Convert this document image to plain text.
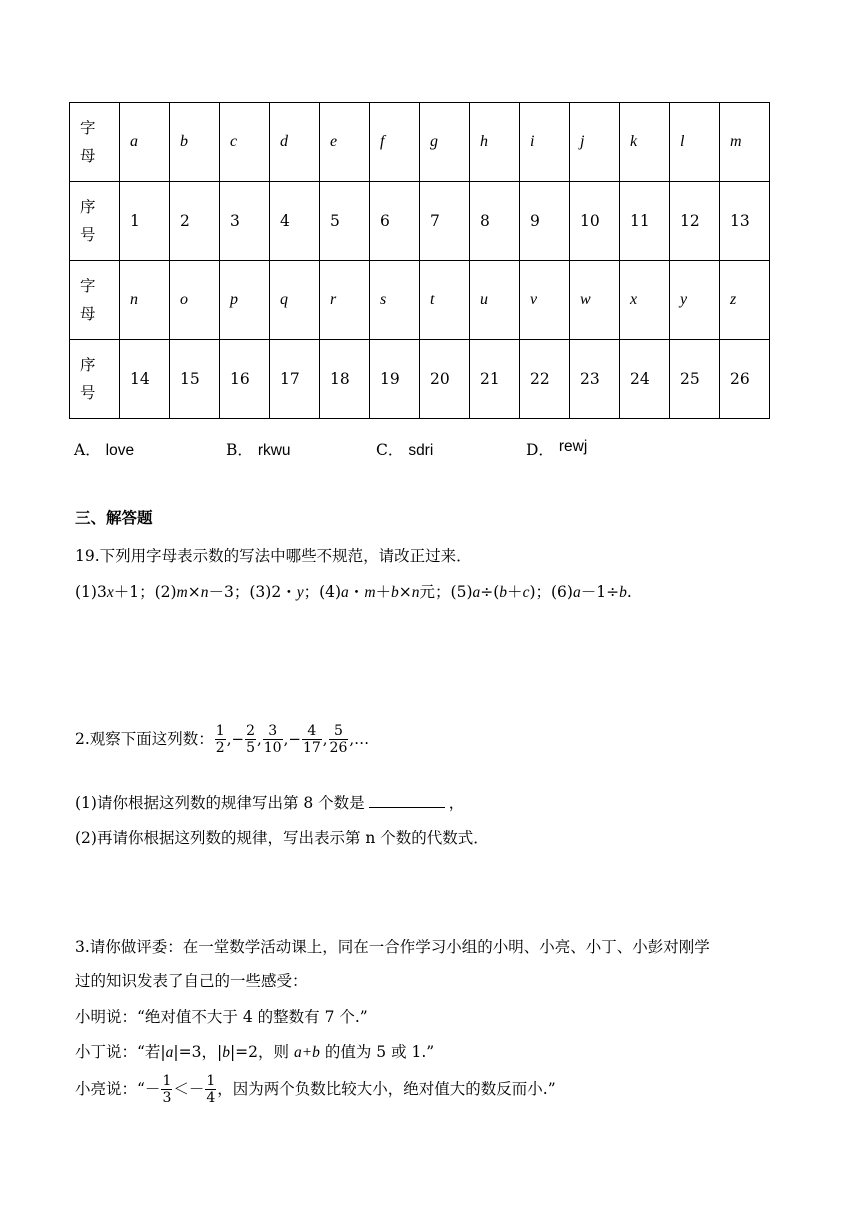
字
母	a	b	c	d	e	f	g	h	i	j	k	l	m

序
号	1	2	3	4	5	6	7	8	9	10	11	12	13

字
母	n	o	p	q	r	s	t	u	v	w	x	y	z

序
号	14	15	16	17	18	19	20	21	22	23	24	25	26
A． love	B． rkwu	C． sdri	D． rewj
三、解答题
19.下列用字母表示数的写法中哪些不规范，请改正过来．
(1)3x＋1；(2)m×n－3；(3)2・y；(4)a・m＋b×n元；(5)a÷(b＋c)；(6)a－1÷b.
2.观察下面这列数： $\frac{1}{2}$ ,− $\frac{2}{5}$ , $\frac{3}{10}$ ,− $\frac{4}{17}$ , $\frac{5}{26}$ ,…
(1)请你根据这列数的规律写出第 8 个数是	，
(2)再请你根据这列数的规律，写出表示第 n 个数的代数式．
3.请你做评委：在一堂数学活动课上，同在一合作学习小组的小明、小亮、小丁、小彭对刚学
过的知识发表了自己的一些感受：
小明说：“绝对值不大于 4 的整数有 7 个.”
小丁说：“若|a|=3，|b|=2，则 a+b 的值为 5 或 1.”
小亮说：“－ $\frac{1}{3} <- \frac{1}{4}$ ，因为两个负数比较大小，绝对值大的数反而小.”
